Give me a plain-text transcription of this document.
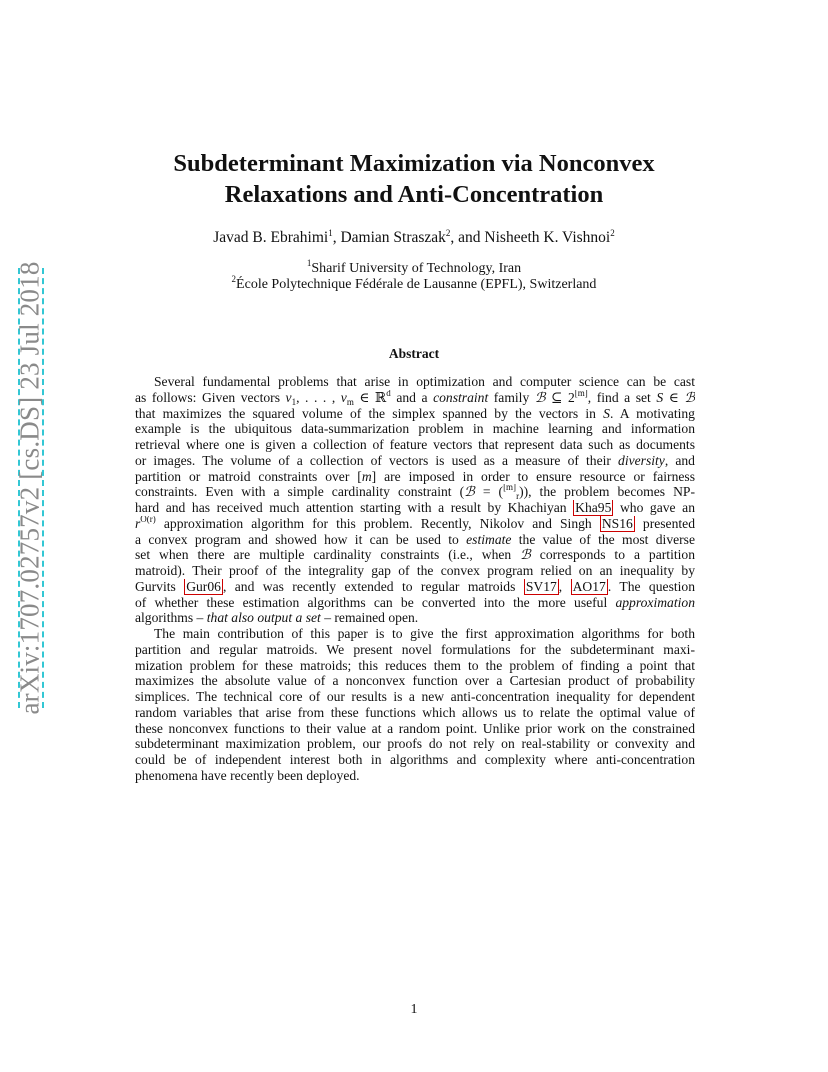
arXiv:1707.02757v2 [cs.DS] 23 Jul 2018
Subdeterminant Maximization via Nonconvex
Relaxations and Anti-Concentration
Javad B. Ebrahimi$^1$, Damian Straszak$^2$, and Nisheeth K. Vishnoi$^2$
$^1$Sharif University of Technology, Iran
$^2$École Polytechnique Fédérale de Lausanne (EPFL), Switzerland
Abstract
Several fundamental problems that arise in optimization and computer science can be cast
as follows: Given vectors $v_1$, . . . , $v_m$ ∈ ℝ$^d$ and a constraint family ℬ ⊆ 2[m], find a set S ∈ ℬ
that maximizes the squared volume of the simplex spanned by the vectors in S. A motivating
example is the ubiquitous data-summarization problem in machine learning and information
retrieval where one is given a collection of feature vectors that represent data such as documents
or images. The volume of a collection of vectors is used as a measure of their diversity, and
partition or matroid constraints over [m] are imposed in order to ensure resource or fairness
constraints. Even with a simple cardinality constraint (ℬ = $([m]_r)$), the problem becomes NP-
hard and has received much attention starting with a result by Khachiyan Kha95 who gave an
$r^{O(r)}$ approximation algorithm for this problem. Recently, Nikolov and Singh NS16 presented
a convex program and showed how it can be used to estimate the value of the most diverse
set when there are multiple cardinality constraints (i.e., when ℬ corresponds to a partition
matroid). Their proof of the integrality gap of the convex program relied on an inequality by
Gurvits Gur06 , and was recently extended to regular matroids SV17 , AO17 . The question
of whether these estimation algorithms can be converted into the more useful approximation
algorithms – that also output a set – remained open.
The main contribution of this paper is to give the first approximation algorithms for both
partition and regular matroids. We present novel formulations for the subdeterminant maxi-
mization problem for these matroids; this reduces them to the problem of finding a point that
maximizes the absolute value of a nonconvex function over a Cartesian product of probability
simplices. The technical core of our results is a new anti-concentration inequality for dependent
random variables that arise from these functions which allows us to relate the optimal value of
these nonconvex functions to their value at a random point. Unlike prior work on the constrained
subdeterminant maximization problem, our proofs do not rely on real-stability or convexity and
could be of independent interest both in algorithms and complexity where anti-concentration
phenomena have recently been deployed.
1
